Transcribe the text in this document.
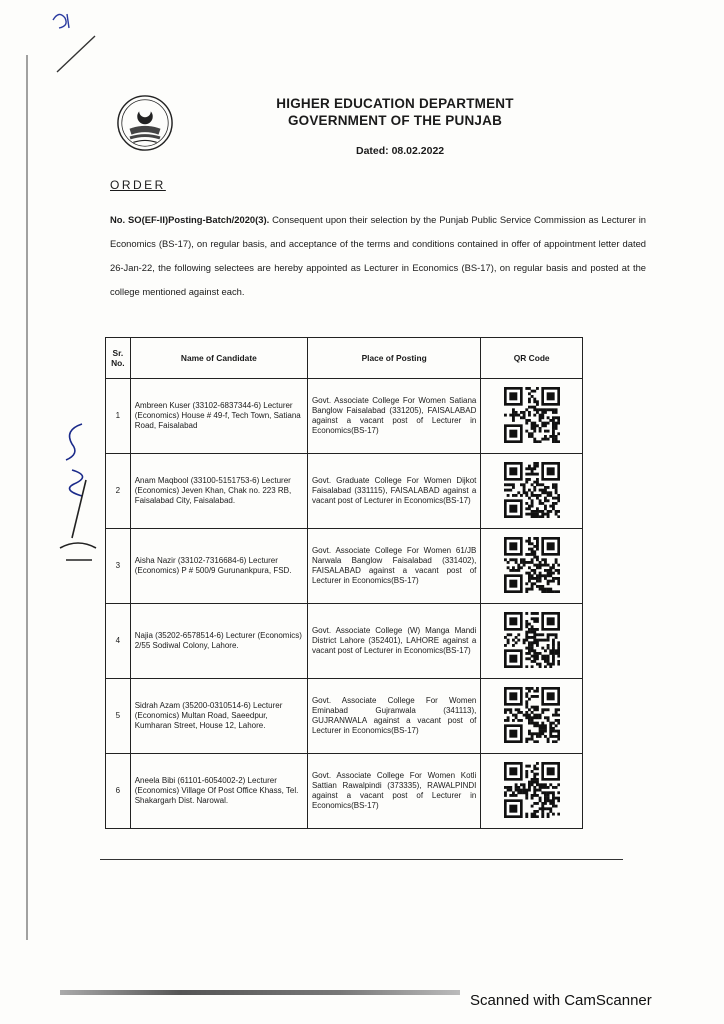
HIGHER EDUCATION DEPARTMENT
GOVERNMENT OF THE PUNJAB
Dated: 08.02.2022
ORDER
No. SO(EF-II)Posting-Batch/2020(3). Consequent upon their selection by the Punjab Public Service Commission as Lecturer in Economics (BS-17), on regular basis, and acceptance of the terms and conditions contained in offer of appointment letter dated 26-Jan-22, the following selectees are hereby appointed as Lecturer in Economics (BS-17), on regular basis and posted at the college mentioned against each.
Sr. No.	Name of Candidate	Place of Posting	QR Code
1	Ambreen Kuser (33102-6837344-6) Lecturer (Economics) House # 49-f, Tech Town, Satiana Road, Faisalabad	Govt. Associate College For Women Satiana Banglow Faisalabad (331205), FAISALABAD against a vacant post of Lecturer in Economics(BS-17)	
2	Anam Maqbool (33100-5151753-6) Lecturer (Economics) Jeven Khan, Chak no. 223 RB, Faisalabad City, Faisalabad.	Govt. Graduate College For Women Dijkot Faisalabad (331115), FAISALABAD against a vacant post of Lecturer in Economics(BS-17)	
3	Aisha Nazir (33102-7316684-6) Lecturer (Economics) P # 500/9 Gurunankpura, FSD.	Govt. Associate College For Women 61/JB Narwala Banglow Faisalabad (331402), FAISALABAD against a vacant post of Lecturer in Economics(BS-17)	
4	Najia (35202-6578514-6) Lecturer (Economics) 2/55 Sodiwal Colony, Lahore.	Govt. Associate College (W) Manga Mandi District Lahore (352401), LAHORE against a vacant post of Lecturer in Economics(BS-17)	
5	Sidrah Azam (35200-0310514-6) Lecturer (Economics) Multan Road, Saeedpur, Kumharan Street, House 12, Lahore.	Govt. Associate College For Women Eminabad Gujranwala (341113), GUJRANWALA against a vacant post of Lecturer in Economics(BS-17)	
6	Aneela Bibi (61101-6054002-2) Lecturer (Economics) Village Of Post Office Khass, Tel. Shakargarh Dist. Narowal.	Govt. Associate College For Women Kotli Sattian Rawalpindi (373335), RAWALPINDI against a vacant post of Lecturer in Economics(BS-17)	
Scanned with CamScanner
